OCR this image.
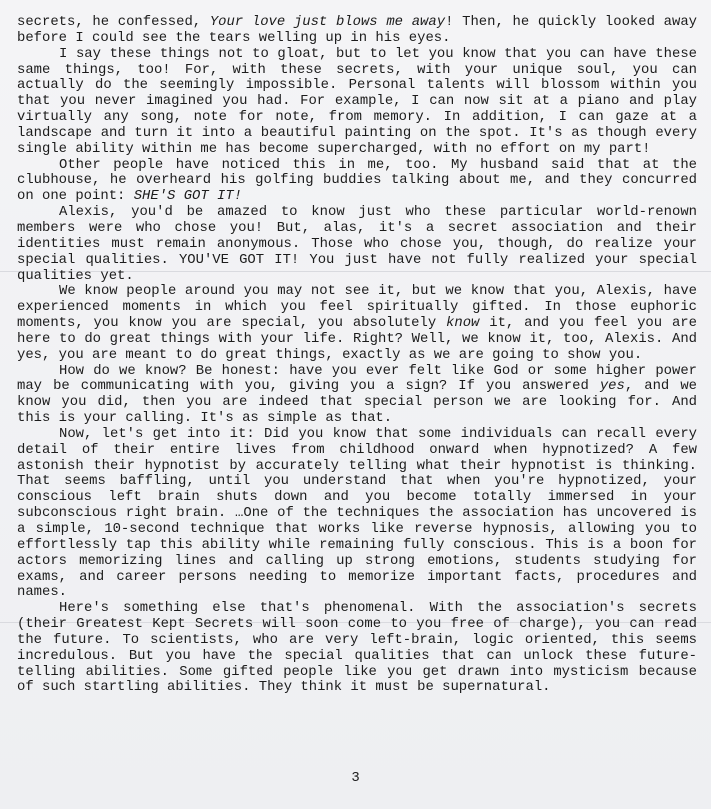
secrets, he confessed, Your love just blows me away! Then, he quickly looked away before I could see the tears welling up in his eyes.

I say these things not to gloat, but to let you know that you can have these same things, too! For, with these secrets, with your unique soul, you can actually do the seemingly impossible. Personal talents will blossom within you that you never imagined you had. For example, I can now sit at a piano and play virtually any song, note for note, from memory. In addition, I can gaze at a landscape and turn it into a beautiful painting on the spot. It's as though every single ability within me has become supercharged, with no effort on my part!

Other people have noticed this in me, too. My husband said that at the clubhouse, he overheard his golfing buddies talking about me, and they concurred on one point: SHE'S GOT IT!

Alexis, you'd be amazed to know just who these particular world-renown members were who chose you! But, alas, it's a secret association and their identities must remain anonymous. Those who chose you, though, do realize your special qualities. YOU'VE GOT IT! You just have not fully realized your special qualities yet.

We know people around you may not see it, but we know that you, Alexis, have experienced moments in which you feel spiritually gifted. In those euphoric moments, you know you are special, you absolutely know it, and you feel you are here to do great things with your life. Right? Well, we know it, too, Alexis. And yes, you are meant to do great things, exactly as we are going to show you.

How do we know? Be honest: have you ever felt like God or some higher power may be communicating with you, giving you a sign? If you answered yes, and we know you did, then you are indeed that special person we are looking for. And this is your calling. It's as simple as that.

Now, let's get into it: Did you know that some individuals can recall every detail of their entire lives from childhood onward when hypnotized? A few astonish their hypnotist by accurately telling what their hypnotist is thinking. That seems baffling, until you understand that when you're hypnotized, your conscious left brain shuts down and you become totally immersed in your subconscious right brain. …One of the techniques the association has uncovered is a simple, 10-second technique that works like reverse hypnosis, allowing you to effortlessly tap this ability while remaining fully conscious. This is a boon for actors memorizing lines and calling up strong emotions, students studying for exams, and career persons needing to memorize important facts, procedures and names.

Here's something else that's phenomenal. With the association's secrets (their Greatest Kept Secrets will soon come to you free of charge), you can read the future. To scientists, who are very left-brain, logic oriented, this seems incredulous. But you have the special qualities that can unlock these future-telling abilities. Some gifted people like you get drawn into mysticism because of such startling abilities. They think it must be supernatural.

3
